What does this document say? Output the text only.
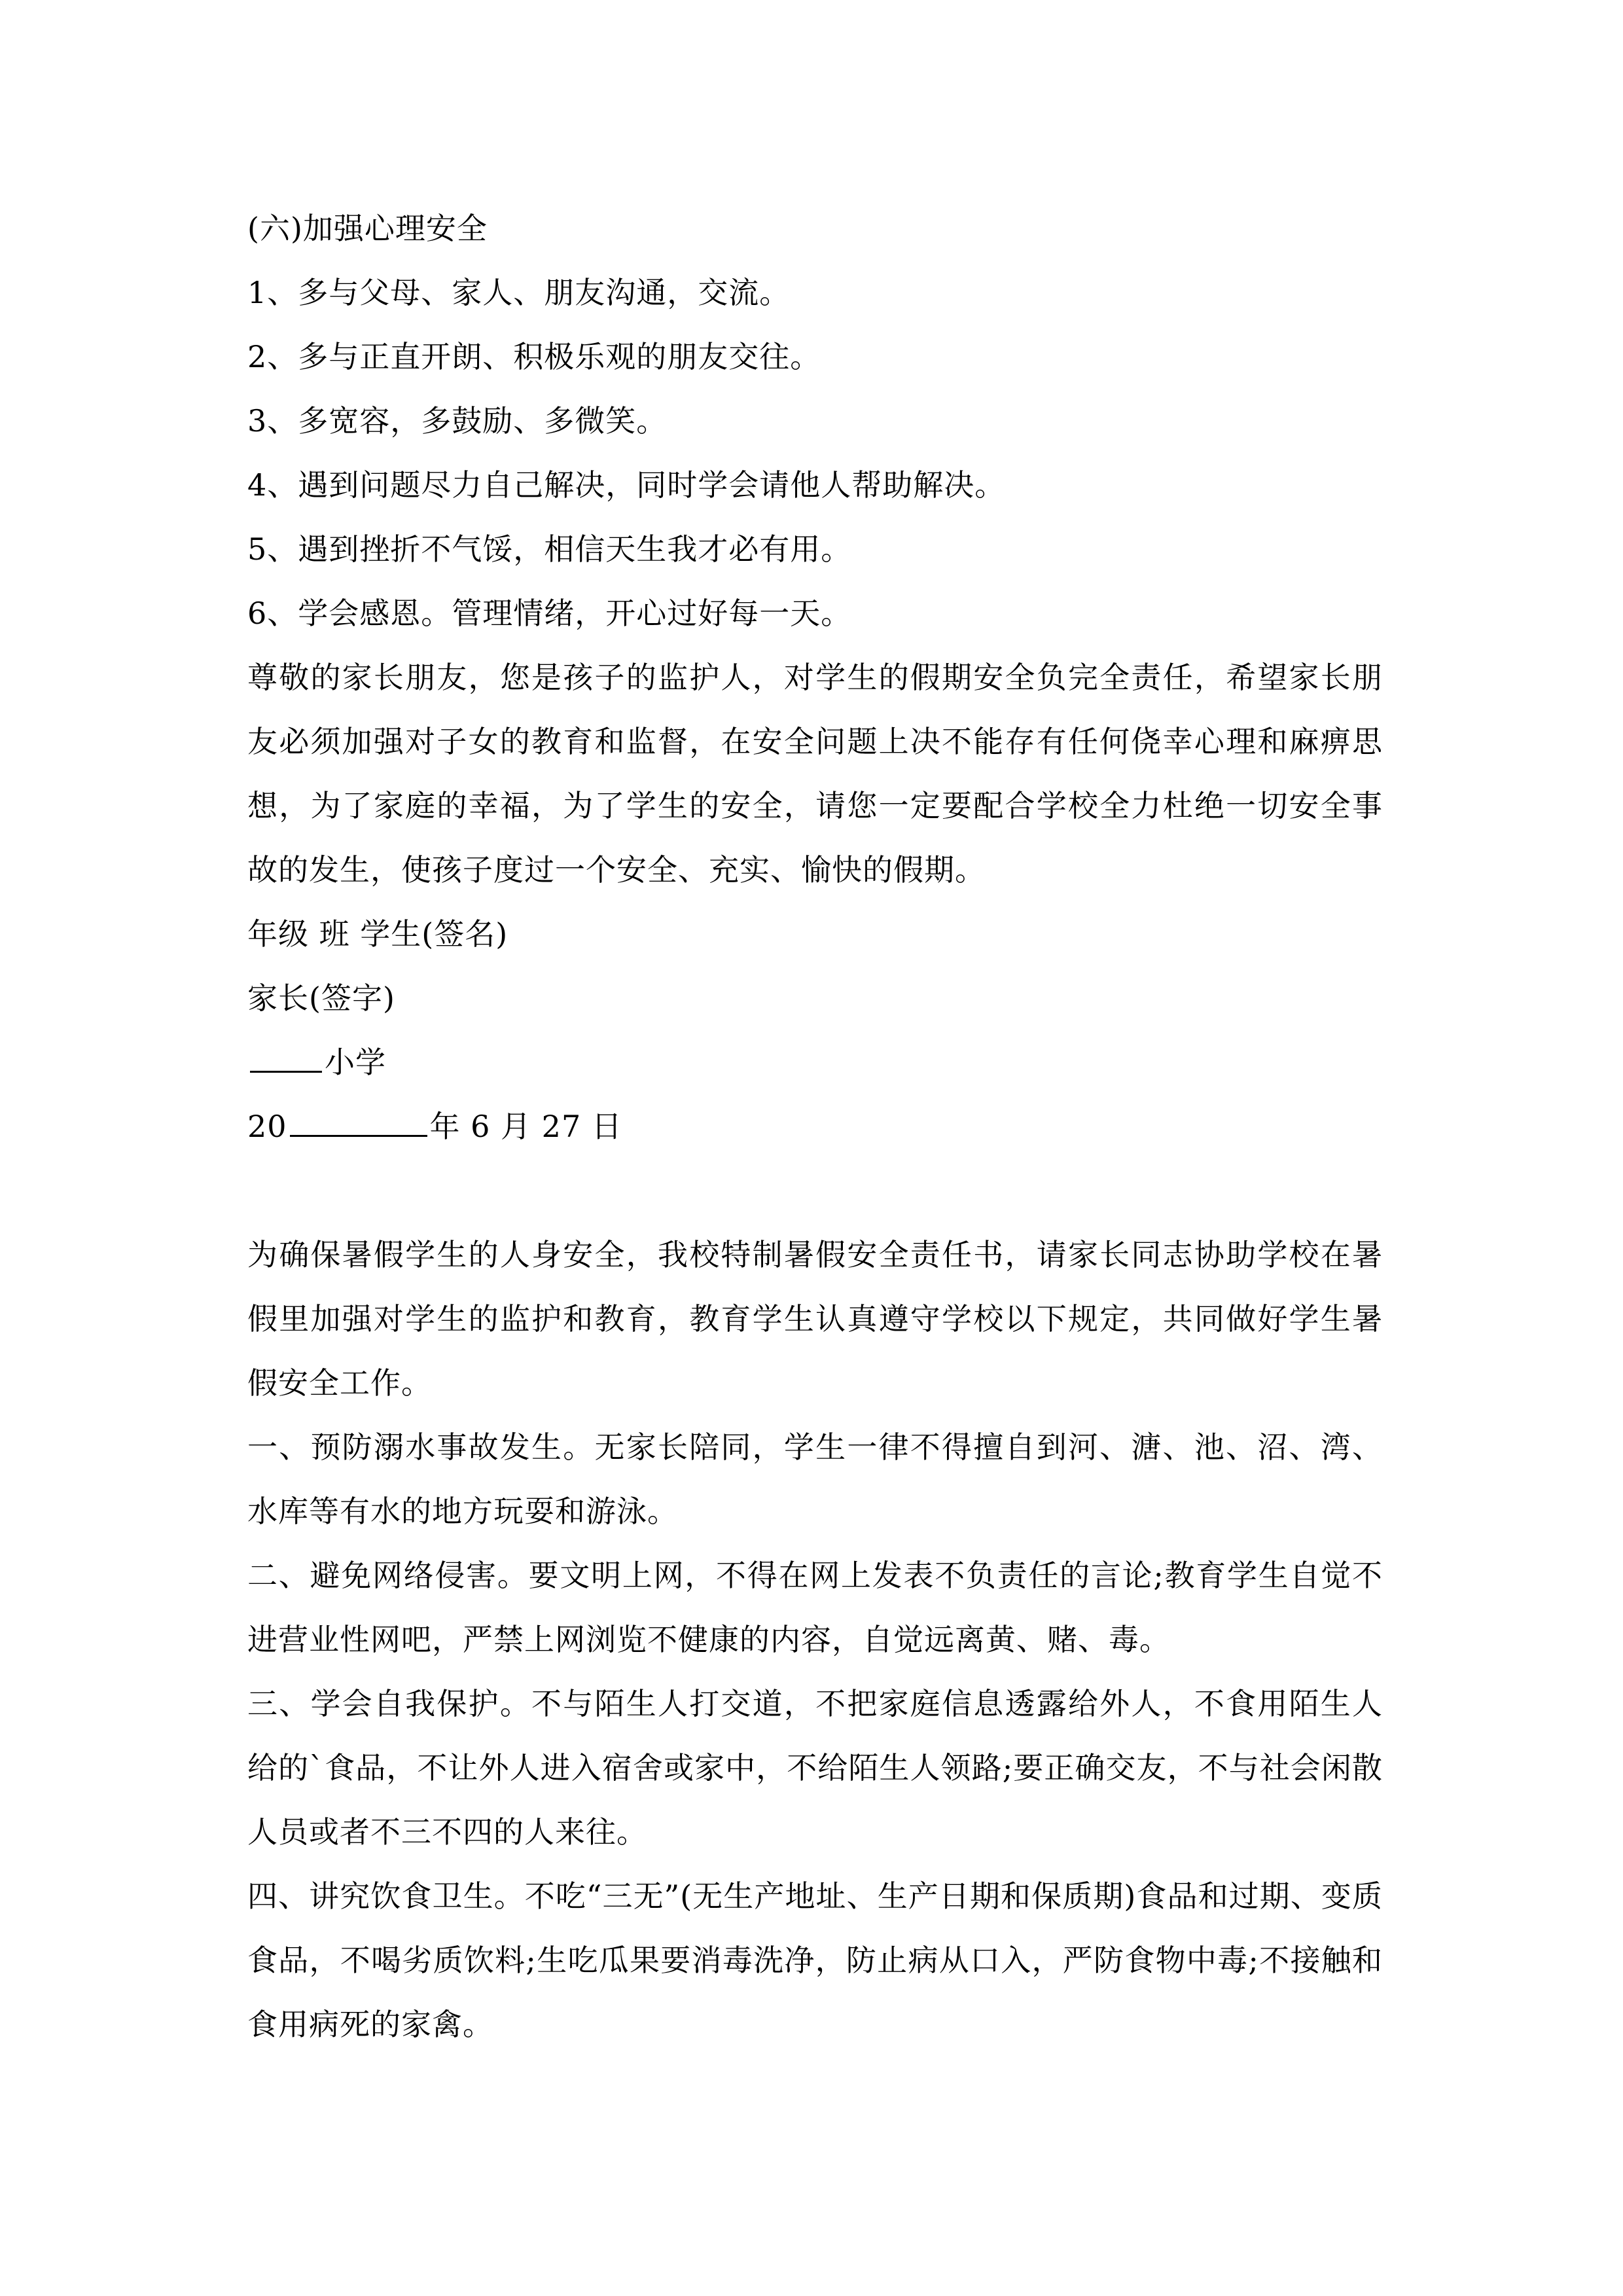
(六)加强心理安全
1、多与父母、家人、朋友沟通，交流。
2、多与正直开朗、积极乐观的朋友交往。
3、多宽容，多鼓励、多微笑。
4、遇到问题尽力自己解决，同时学会请他人帮助解决。
5、遇到挫折不气馁，相信天生我才必有用。
6、学会感恩。管理情绪，开心过好每一天。
尊敬的家长朋友，您是孩子的监护人，对学生的假期安全负完全责任，希望家长朋友必须加强对子女的教育和监督，在安全问题上决不能存有任何侥幸心理和麻痹思想，为了家庭的幸福，为了学生的安全，请您一定要配合学校全力杜绝一切安全事故的发生，使孩子度过一个安全、充实、愉快的假期。
年级 班 学生(签名)
家长(签字)
小学
20	年 6 月 27 日
为确保暑假学生的人身安全，我校特制暑假安全责任书，请家长同志协助学校在暑假里加强对学生的监护和教育，教育学生认真遵守学校以下规定，共同做好学生暑假安全工作。
一、预防溺水事故发生。无家长陪同，学生一律不得擅自到河、溏、池、沼、湾、水库等有水的地方玩耍和游泳。
二、避免网络侵害。要文明上网，不得在网上发表不负责任的言论;教育学生自觉不进营业性网吧，严禁上网浏览不健康的内容，自觉远离黄、赌、毒。
三、学会自我保护。不与陌生人打交道，不把家庭信息透露给外人，不食用陌生人给的`食品，不让外人进入宿舍或家中，不给陌生人领路;要正确交友，不与社会闲散人员或者不三不四的人来往。
四、讲究饮食卫生。不吃“三无”(无生产地址、生产日期和保质期)食品和过期、变质食品，不喝劣质饮料;生吃瓜果要消毒洗净，防止病从口入，严防食物中毒;不接触和食用病死的家禽。
